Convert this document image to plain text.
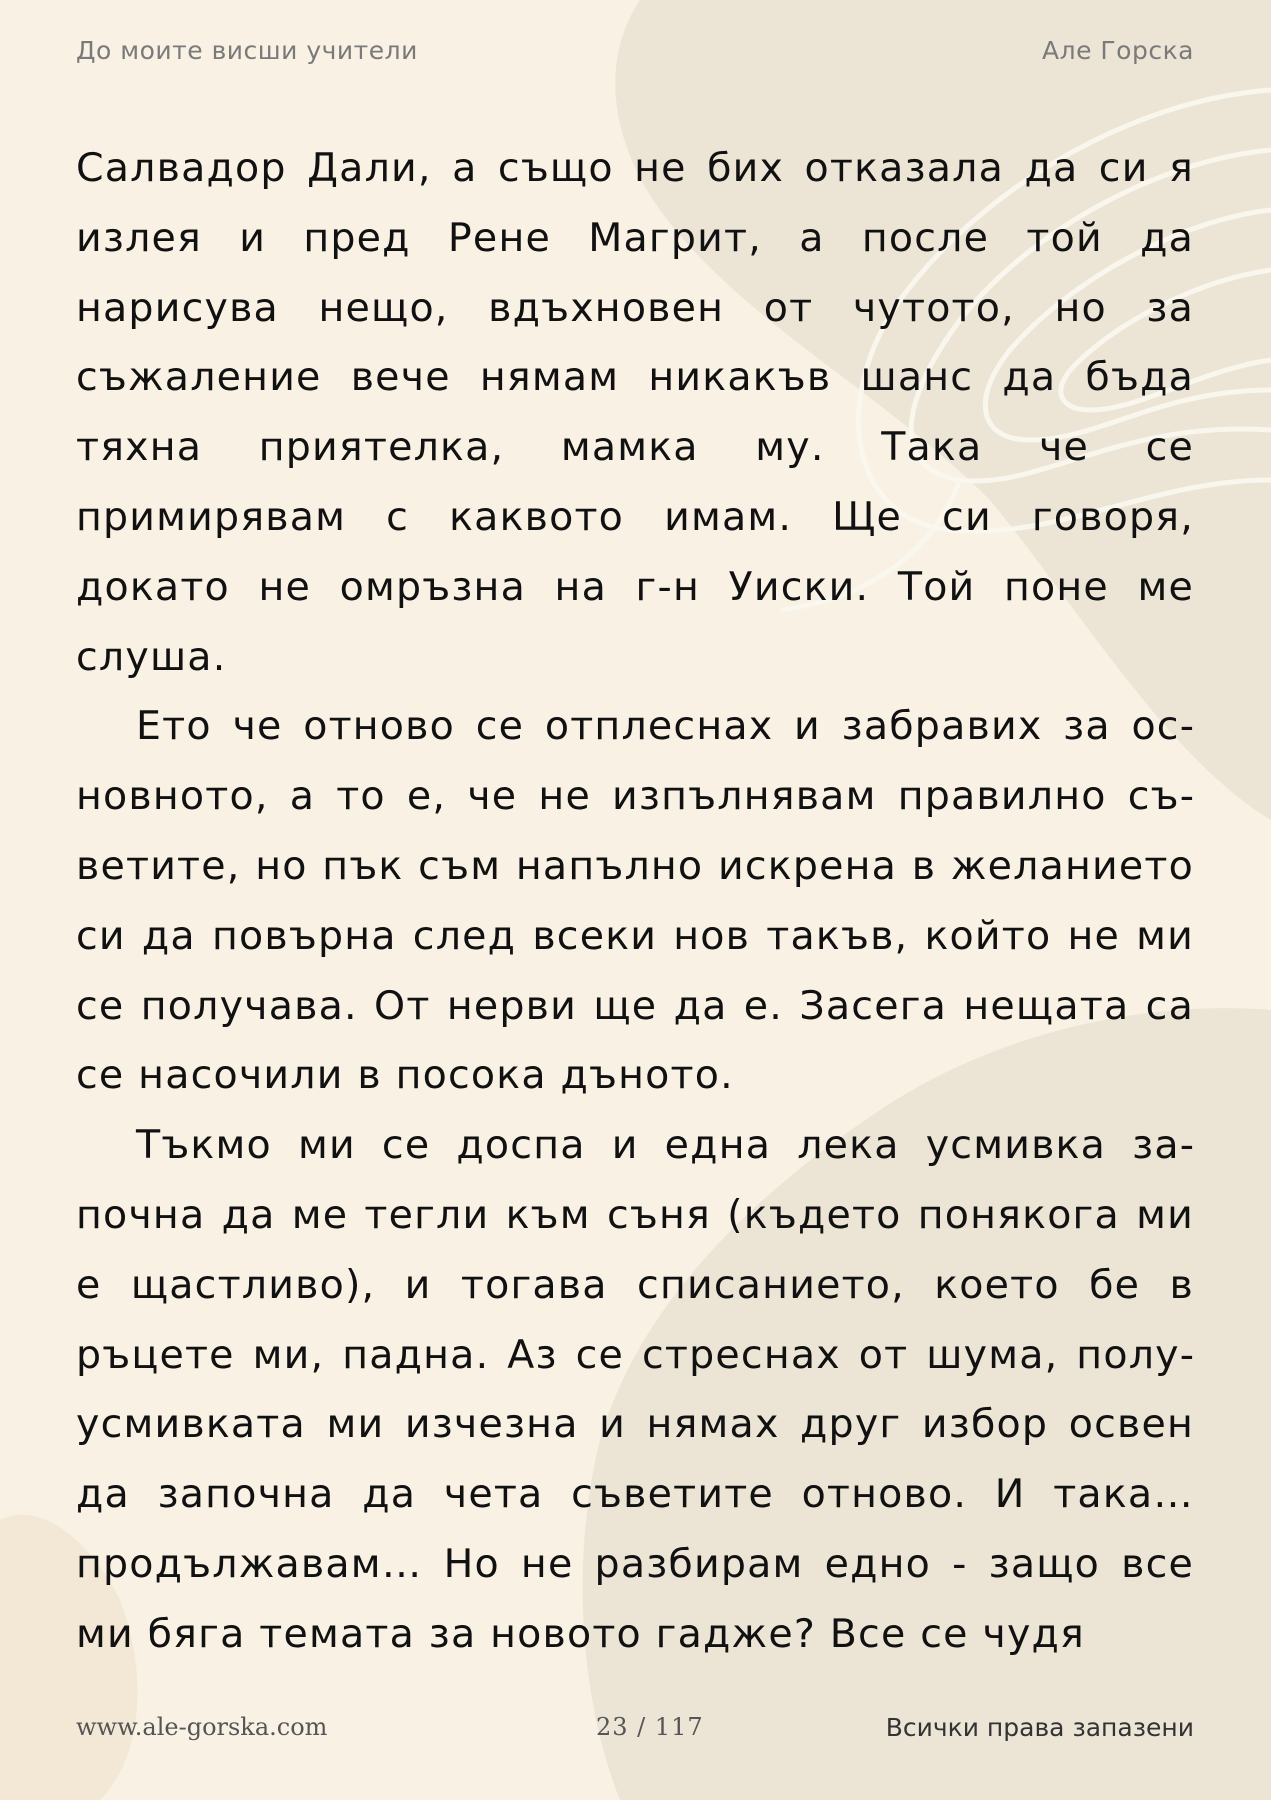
До моите висши учители	Але Горска

Салвадор Дали, а също не бих отказала да си я излея и пред Рене Магрит, а после той да нарисува нещо, вдъхновен от чутото, но за съжаление вече нямам никакъв шанс да бъда тяхна приятелка, мамка му. Така че се примирявам с каквото имам. Ще си говоря, докато не омръзна на г-н Уиски. Той поне ме слуша.

Ето че отново се отплеснах и забравих за основното, а то е, че не изпълнявам правилно съветите, но пък съм напълно искрена в желанието си да повърна след всеки нов такъв, който не ми се получава. От нерви ще да е. Засега нещата са се насочили в посока дъното.

Тъкмо ми се доспа и една лека усмивка започна да ме тегли към съня (където понякога ми е щастливо), и тогава списанието, което бе в ръцете ми, падна. Аз се стреснах от шума, полуусмивката ми изчезна и нямах друг избор освен да започна да чета съветите отново. И така… продължавам… Но не разбирам едно - защо все ми бяга темата за новото гадже? Все се чудя

www.ale-gorska.com	23 / 117	Всички права запазени
